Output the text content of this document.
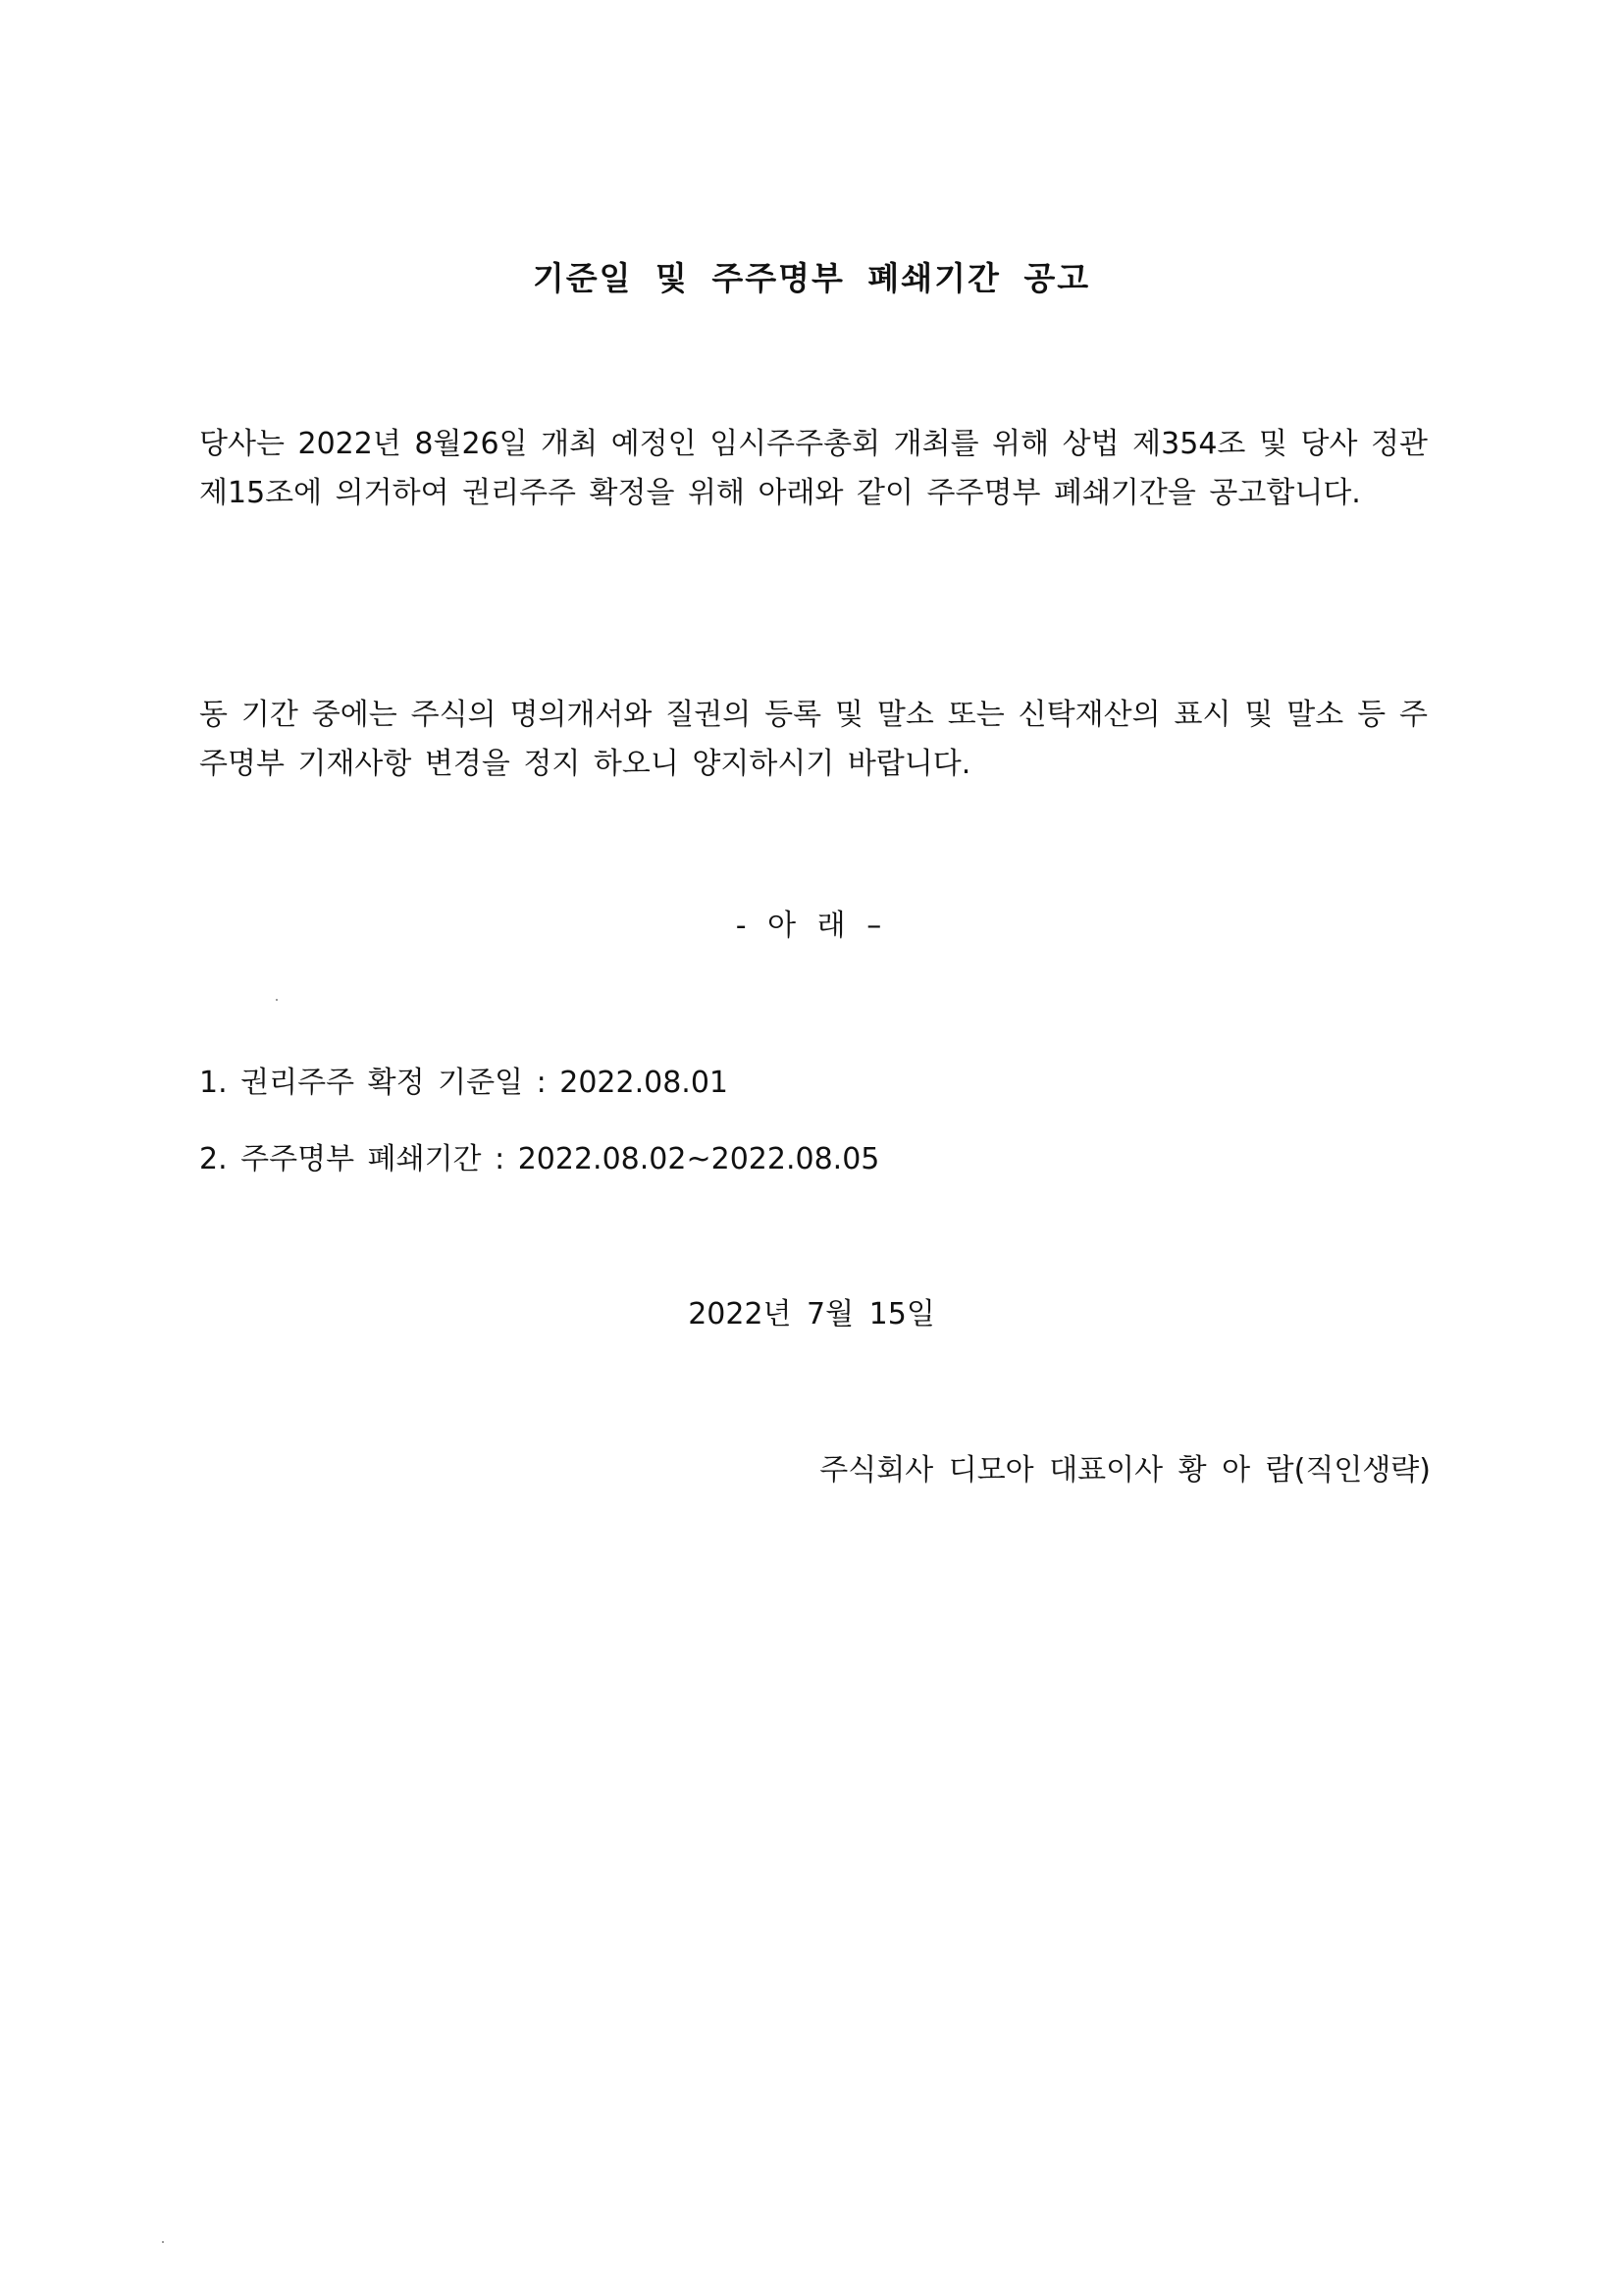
기준일 및 주주명부 폐쇄기간 공고

당사는 2022년 8월26일 개최 예정인 임시주주총회 개최를 위해 상법 제354조 및 당사 정관 제15조에 의거하여 권리주주 확정을 위해 아래와 같이 주주명부 폐쇄기간을 공고합니다.

동 기간 중에는 주식의 명의개서와 질권의 등록 및 말소 또는 신탁재산의 표시 및 말소 등 주주명부 기재사항 변경을 정지 하오니 양지하시기 바랍니다.

- 아 래 –
1. 권리주주 확정 기준일 : 2022.08.01
2. 주주명부 폐쇄기간 : 2022.08.02~2022.08.05
2022년 7월 15일
주식회사 디모아 대표이사 황 아 람(직인생략)
